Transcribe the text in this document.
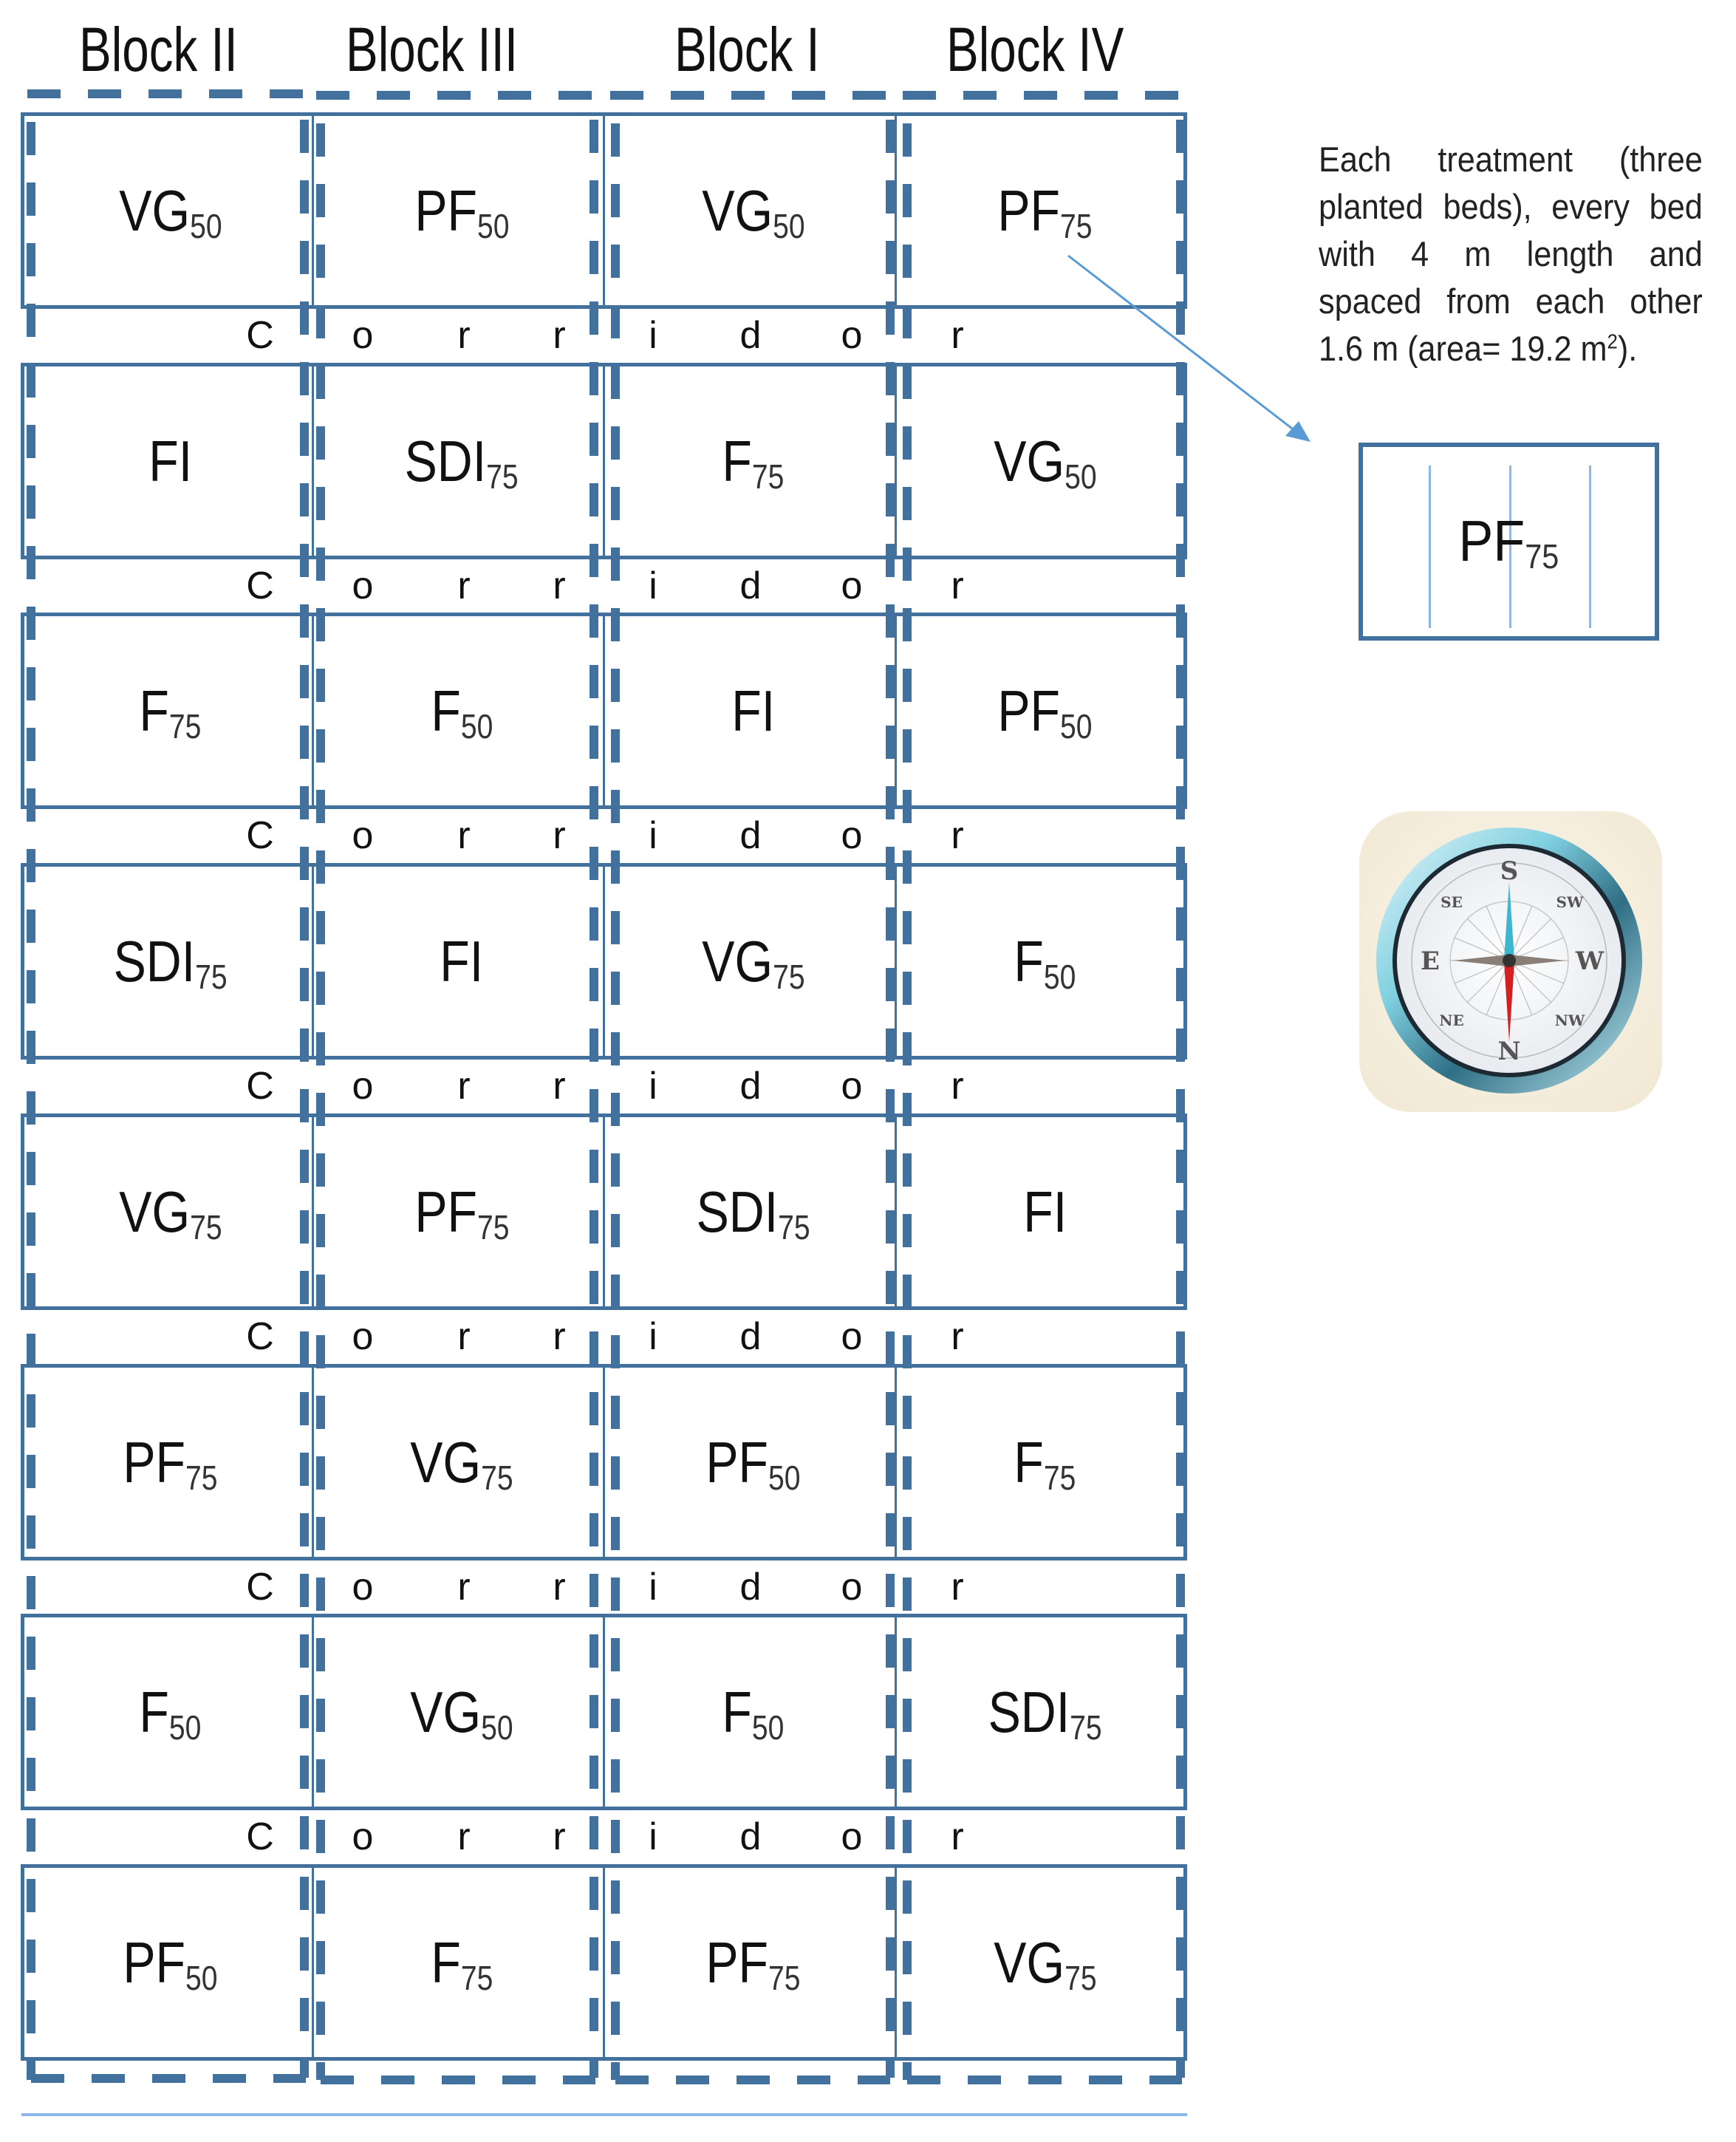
Block II Block III	Block I Block IV
VG50	PF50	VG50	PF75
FI	SDI75	F75	VG50
F75	F50	FI	PF50
SDI75	FI	VG75	F50
VG75	PF75	SDI75	FI
PF75	VG75	PF50	F75
F50	VG50	F50	SDI75
PF50	F75	PF75	VG75
C o r r i d o r
C o r r i d o r
C o r r i d o r
C o r r i d o r
C o r r i d o r
C o r r i d o r
C o r r i d o r
Each treatment (three planted beds), every bed with 4 m length and spaced from each other 1.6 m (area= 19.2 $m^2$).
PF75
S
N
E	W
SE	SW
NE	NW
